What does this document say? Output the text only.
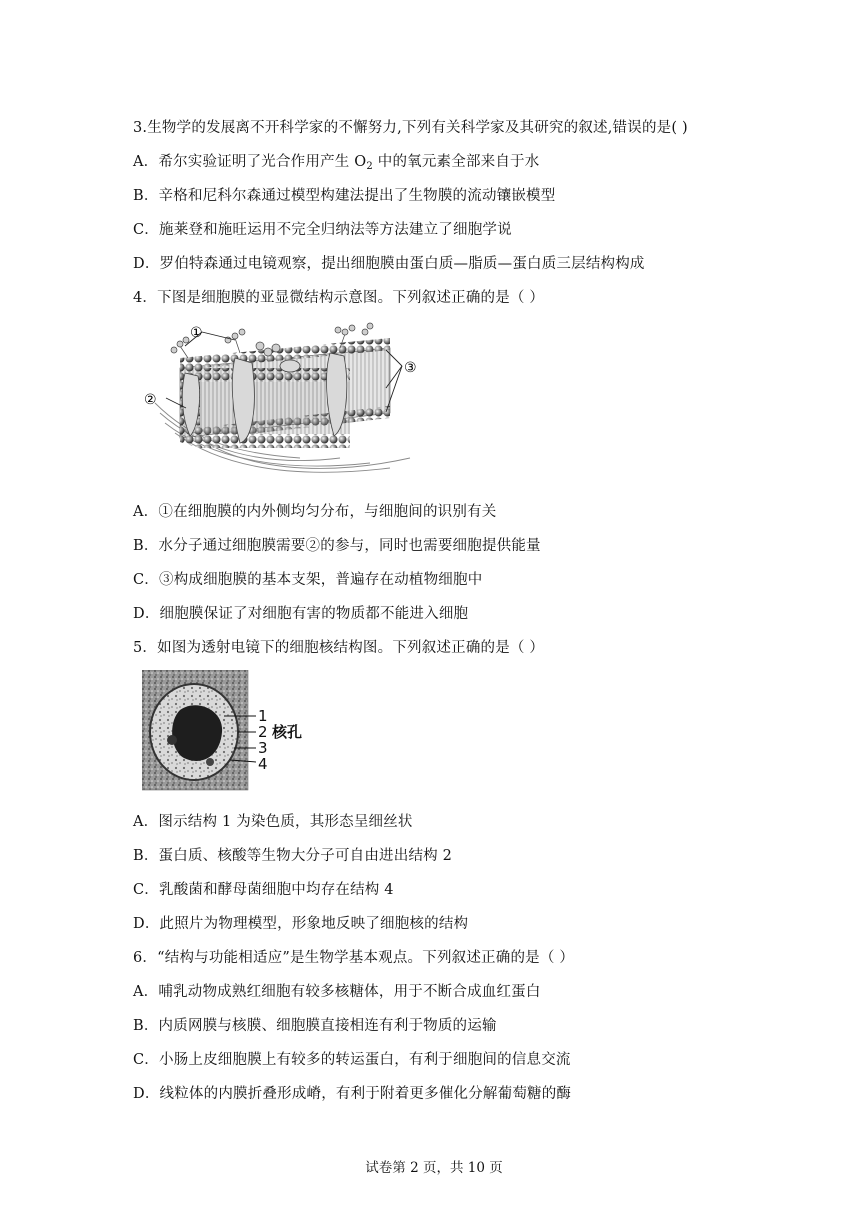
3.生物学的发展离不开科学家的不懈努力,下列有关科学家及其研究的叙述,错误的是( )
A．希尔实验证明了光合作用产生 $O_2$ 中的氧元素全部来自于水
B．辛格和尼科尔森通过模型构建法提出了生物膜的流动镶嵌模型
C．施莱登和施旺运用不完全归纳法等方法建立了细胞学说
D．罗伯特森通过电镜观察，提出细胞膜由蛋白质—脂质—蛋白质三层结构构成
4．下图是细胞膜的亚显微结构示意图。下列叙述正确的是（ ）
①
②
③
A．①在细胞膜的内外侧均匀分布，与细胞间的识别有关
B．水分子通过细胞膜需要②的参与，同时也需要细胞提供能量
C．③构成细胞膜的基本支架，普遍存在动植物细胞中
D．细胞膜保证了对细胞有害的物质都不能进入细胞
5．如图为透射电镜下的细胞核结构图。下列叙述正确的是（ ）
1
2 核孔
3
4
A．图示结构 1 为染色质，其形态呈细丝状
B．蛋白质、核酸等生物大分子可自由进出结构 2
C．乳酸菌和酵母菌细胞中均存在结构 4
D．此照片为物理模型，形象地反映了细胞核的结构
6．“结构与功能相适应”是生物学基本观点。下列叙述正确的是（ ）
A．哺乳动物成熟红细胞有较多核糖体，用于不断合成血红蛋白
B．内质网膜与核膜、细胞膜直接相连有利于物质的运输
C．小肠上皮细胞膜上有较多的转运蛋白，有利于细胞间的信息交流
D．线粒体的内膜折叠形成嵴，有利于附着更多催化分解葡萄糖的酶
试卷第 2 页，共 10 页
